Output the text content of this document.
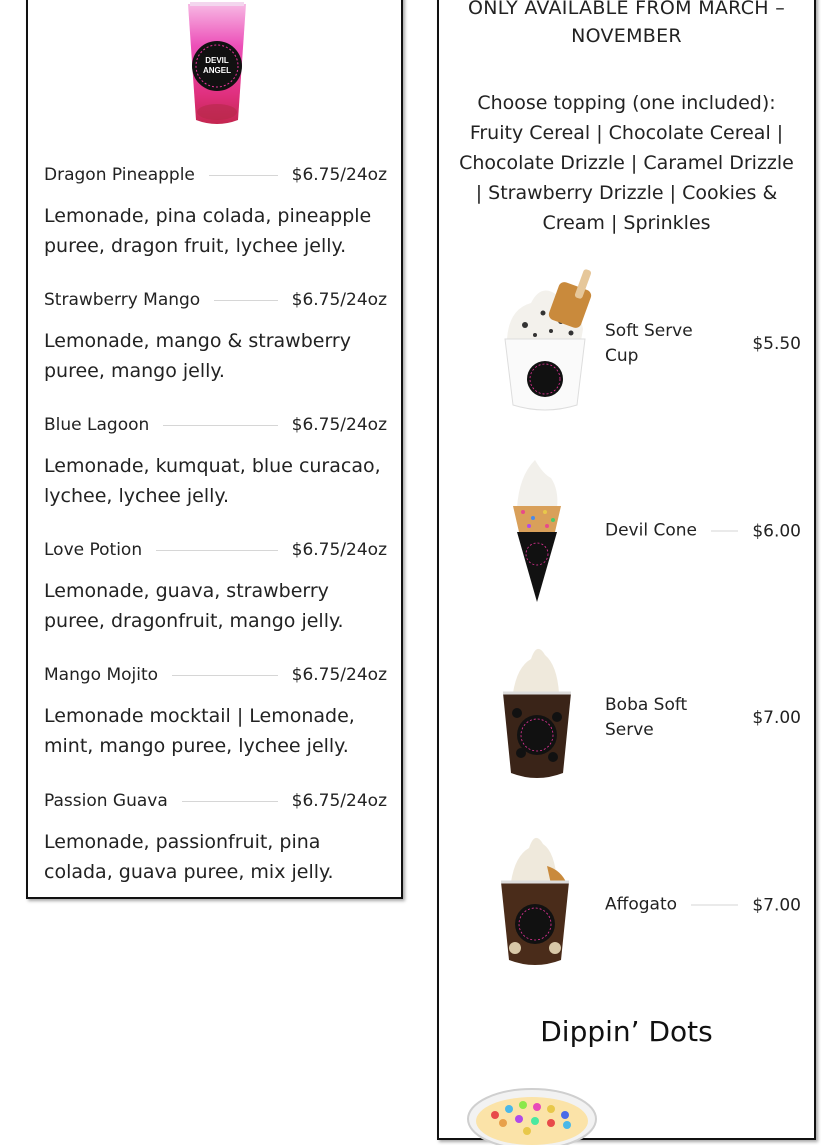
DEVIL
ANGEL
Dragon Pineapple	$6.75/24oz
Lemonade, pina colada, pineapple puree, dragon fruit, lychee jelly.
Strawberry Mango	$6.75/24oz
Lemonade, mango & strawberry puree, mango jelly.
Blue Lagoon	$6.75/24oz
Lemonade, kumquat, blue curacao, lychee, lychee jelly.
Love Potion	$6.75/24oz
Lemonade, guava, strawberry puree, dragonfruit, mango jelly.
Mango Mojito	$6.75/24oz
Lemonade mocktail | Lemonade, mint, mango puree, lychee jelly.
Passion Guava	$6.75/24oz
Lemonade, passionfruit, pina colada, guava puree, mix jelly.
ONLY AVAILABLE FROM MARCH – NOVEMBER
Choose topping (one included): Fruity Cereal | Chocolate Cereal | Chocolate Drizzle | Caramel Drizzle | Strawberry Drizzle | Cookies & Cream | Sprinkles
Soft Serve Cup
$5.50
Devil Cone	$6.00
Boba Soft Serve
$7.00
Affogato	$7.00
Dippin’ Dots
